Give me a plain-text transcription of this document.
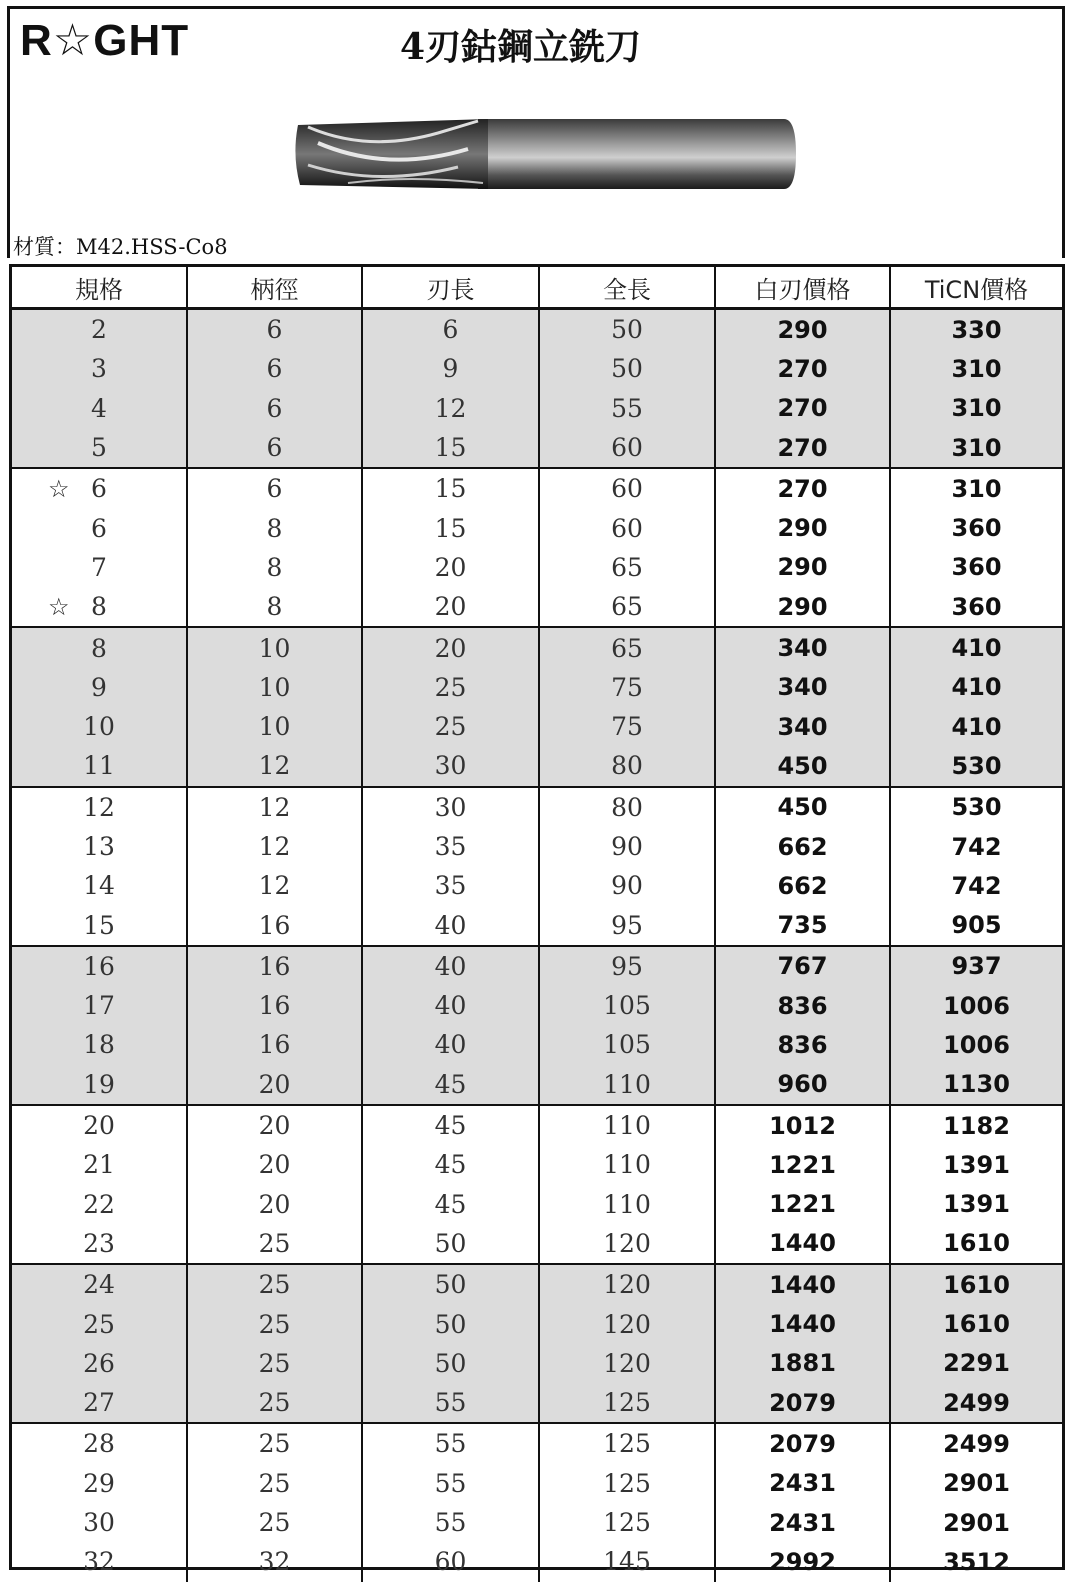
R☆GHT	4刃鈷鋼立銑刀
材質：M42.HSS-Co8
規格	柄徑	刃長	全長	白刃價格	TiCN價格
2	6	6	50	290	330
3	6	9	50	270	310
4	6	12	55	270	310
5	6	15	60	270	310
☆ 6	6	15	60	270	310
6	8	15	60	290	360
7	8	20	65	290	360
☆ 8	8	20	65	290	360
8	10	20	65	340	410
9	10	25	75	340	410
10	10	25	75	340	410
11	12	30	80	450	530
12	12	30	80	450	530
13	12	35	90	662	742
14	12	35	90	662	742
15	16	40	95	735	905
16	16	40	95	767	937
17	16	40	105	836	1006
18	16	40	105	836	1006
19	20	45	110	960	1130
20	20	45	110	1012	1182
21	20	45	110	1221	1391
22	20	45	110	1221	1391
23	25	50	120	1440	1610
24	25	50	120	1440	1610
25	25	50	120	1440	1610
26	25	50	120	1881	2291
27	25	55	125	2079	2499
28	25	55	125	2079	2499
29	25	55	125	2431	2901
30	25	55	125	2431	2901
32	32	60	145	2992	3512
